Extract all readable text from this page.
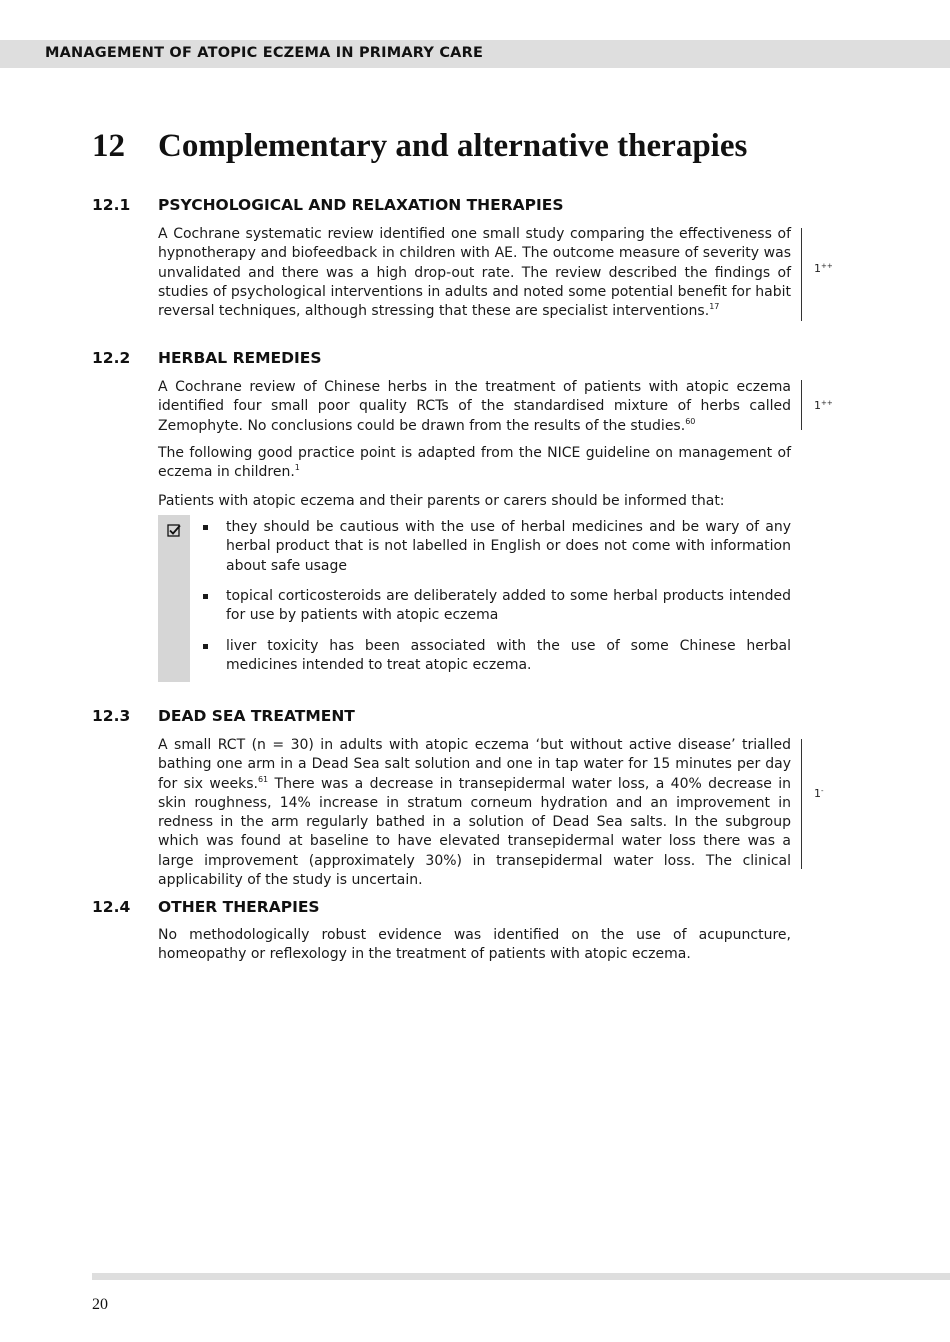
MANAGEMENT OF ATOPIC ECZEMA IN PRIMARY CARE
12 Complementary and alternative therapies
12.1 PSYCHOLOGICAL AND RELAXATION THERAPIES

A Cochrane systematic review identified one small study comparing the effectiveness of hypnotherapy and biofeedback in children with AE. The outcome measure of severity was unvalidated and there was a high drop-out rate. The review described the findings of studies of psychological interventions in adults and noted some potential benefit for habit reversal techniques, although stressing that these are specialist interventions.$^{17}$

1++
12.2 HERBAL REMEDIES

A Cochrane review of Chinese herbs in the treatment of patients with atopic eczema identified four small poor quality RCTs of the standardised mixture of herbs called Zemophyte. No conclusions could be drawn from the results of the studies.$^{60}$

1++

The following good practice point is adapted from the NICE guideline on management of eczema in children.$^1$

Patients with atopic eczema and their parents or carers should be informed that:

they should be cautious with the use of herbal medicines and be wary of any herbal product that is not labelled in English or does not come with information about safe usage
topical corticosteroids are deliberately added to some herbal products intended for use by patients with atopic eczema
liver toxicity has been associated with the use of some Chinese herbal medicines intended to treat atopic eczema.
12.3 DEAD SEA TREATMENT

A small RCT (n = 30) in adults with atopic eczema ‘but without active disease’ trialled bathing one arm in a Dead Sea salt solution and one in tap water for 15 minutes per day for six weeks.$^{61}$ There was a decrease in transepidermal water loss, a 40% decrease in skin roughness, 14% increase in stratum corneum hydration and an improvement in redness in the arm regularly bathed in a solution of Dead Sea salts. In the subgroup which was found at baseline to have elevated transepidermal water loss there was a large improvement (approximately 30%) in transepidermal water loss. The clinical applicability of the study is uncertain.

1-
12.4 OTHER THERAPIES

No methodologically robust evidence was identified on the use of acupuncture, homeopathy or reflexology in the treatment of patients with atopic eczema.

20
